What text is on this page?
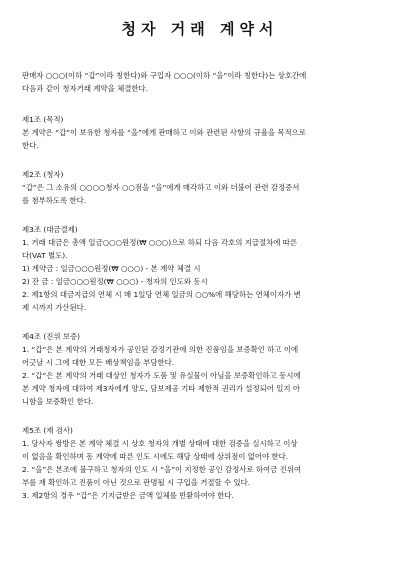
청자 거래 계약서

판매자 ○○○(이하 “갑”이라 칭한다)와 구입자 ○○○(이하 “을”이라 칭한다)는 상호간에

다음과 같이 청자거래 계약을 체결한다.

제1조 (목적)

본 계약은 “갑”이 보유한 청자를 “을”에게 판매하고 이와 관련된 사항의 규율을 목적으로

한다.

제2조 (청자)

“갑”은 그 소유의 ○○○○청자 ○○점을 “을”에게 매각하고 이와 더불어 관련 감정증서

를 첨부하도록 한다.

제3조 (대금결제)

1. 거래 대금은 총액 일금○○○원정(₩ ○○○)으로 하되 다음 각호의 지급절차에 따른

다(VAT 별도).

1) 계약금 : 일금○○○원정(₩ ○○○) - 본 계약 체결 시

2) 잔 금 : 일금○○○원정(₩ ○○○) - 청자의 인도와 동시

2. 제1항의 대금지급의 연체 시 매 1일당 연체 일금의 ○○%에 해당하는 연체이자가 변

제 시까지 가산된다.

제4조 (진위 보증)

1. “갑”은 본 계약의 거래청자가 공인된 감정기관에 의한 진품임을 보증확인 하고 이에

어긋날 시 그에 대한 모든 배상책임을 부담한다.

2. “갑”은 본 계약의 거래 대상인 청자가 도품 및 유실물이 아님을 보증확인하고 동시에

본 계약 청자에 대하여 제3자에게 양도, 담보제공 기타 제한적 권리가 설정되어 있지 아

니함을 보증확인 한다.

제5조 (재 검사)

1. 당사자 쌍방은 본 계약 체결 시 상호 청자의 개별 상태에 대한 검증을 실시하고 이상

이 없음을 확인하며 동 계약에 따른 인도 시에도 해당 상태에 상위점이 없어야 한다.

2. “을”은 본조에 불구하고 청자의 인도 시 “을”이 지정한 공인 감정사로 하여금 진위여

부를 재 확인하고 진품이 아닌 것으로 판명될 시 구입을 거절할 수 있다.

3. 제2항의 경우 “갑”은 기지급받은 금액 일체를 반환하여야 한다.
